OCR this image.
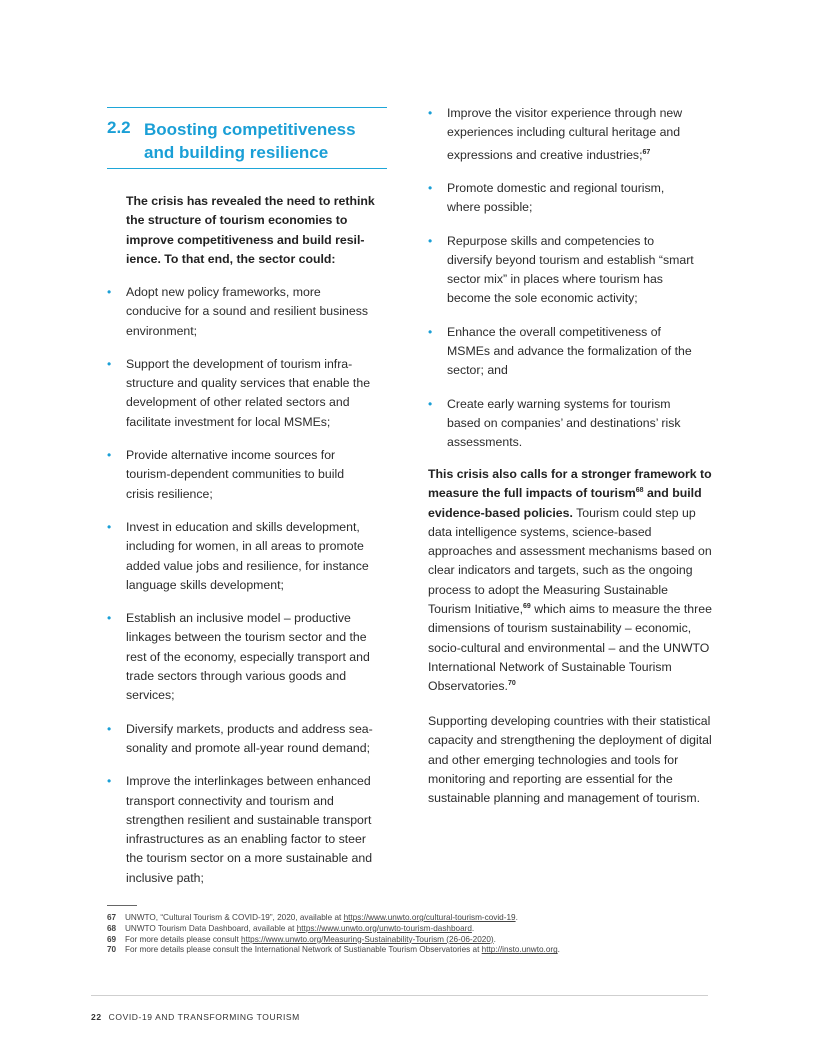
2.2 Boosting competitiveness and building resilience
The crisis has revealed the need to rethink the structure of tourism economies to improve competitiveness and build resilience. To that end, the sector could:
• Adopt new policy frameworks, more conducive for a sound and resilient business environment;
• Support the development of tourism infrastructure and quality services that enable the development of other related sectors and facilitate investment for local MSMEs;
• Provide alternative income sources for tourism-dependent communities to build crisis resilience;
• Invest in education and skills development, including for women, in all areas to promote added value jobs and resilience, for instance language skills development;
• Establish an inclusive model – productive linkages between the tourism sector and the rest of the economy, especially transport and trade sectors through various goods and services;
• Diversify markets, products and address seasonality and promote all-year round demand;
• Improve the interlinkages between enhanced transport connectivity and tourism and strengthen resilient and sustainable transport infrastructures as an enabling factor to steer the tourism sector on a more sustainable and inclusive path;
• Improve the visitor experience through new experiences including cultural heritage and expressions and creative industries;$^{67}$
• Promote domestic and regional tourism, where possible;
• Repurpose skills and competencies to diversify beyond tourism and establish “smart sector mix” in places where tourism has become the sole economic activity;
• Enhance the overall competitiveness of MSMEs and advance the formalization of the sector; and
• Create early warning systems for tourism based on companies’ and destinations’ risk assessments.
This crisis also calls for a stronger framework to measure the full impacts of tourism$^{68}$ and build evidence-based policies. Tourism could step up data intelligence systems, science-based approaches and assessment mechanisms based on clear indicators and targets, such as the ongoing process to adopt the Measuring Sustainable Tourism Initiative,$^{69}$ which aims to measure the three dimensions of tourism sustainability – economic, socio-cultural and environmental – and the UNWTO International Network of Sustainable Tourism Observatories.$^{70}$
Supporting developing countries with their statistical capacity and strengthening the deployment of digital and other emerging technologies and tools for monitoring and reporting are essential for the sustainable planning and management of tourism.
67 UNWTO, “Cultural Tourism & COVID-19”, 2020, available at https://www.unwto.org/cultural-tourism-covid-19.
68 UNWTO Tourism Data Dashboard, available at https://www.unwto.org/unwto-tourism-dashboard.
69 For more details please consult https://www.unwto.org/Measuring-Sustainability-Tourism (26-06-2020).
70 For more details please consult the International Network of Sustianable Tourism Observatories at http://insto.unwto.org.
22 COVID-19 AND TRANSFORMING TOURISM
